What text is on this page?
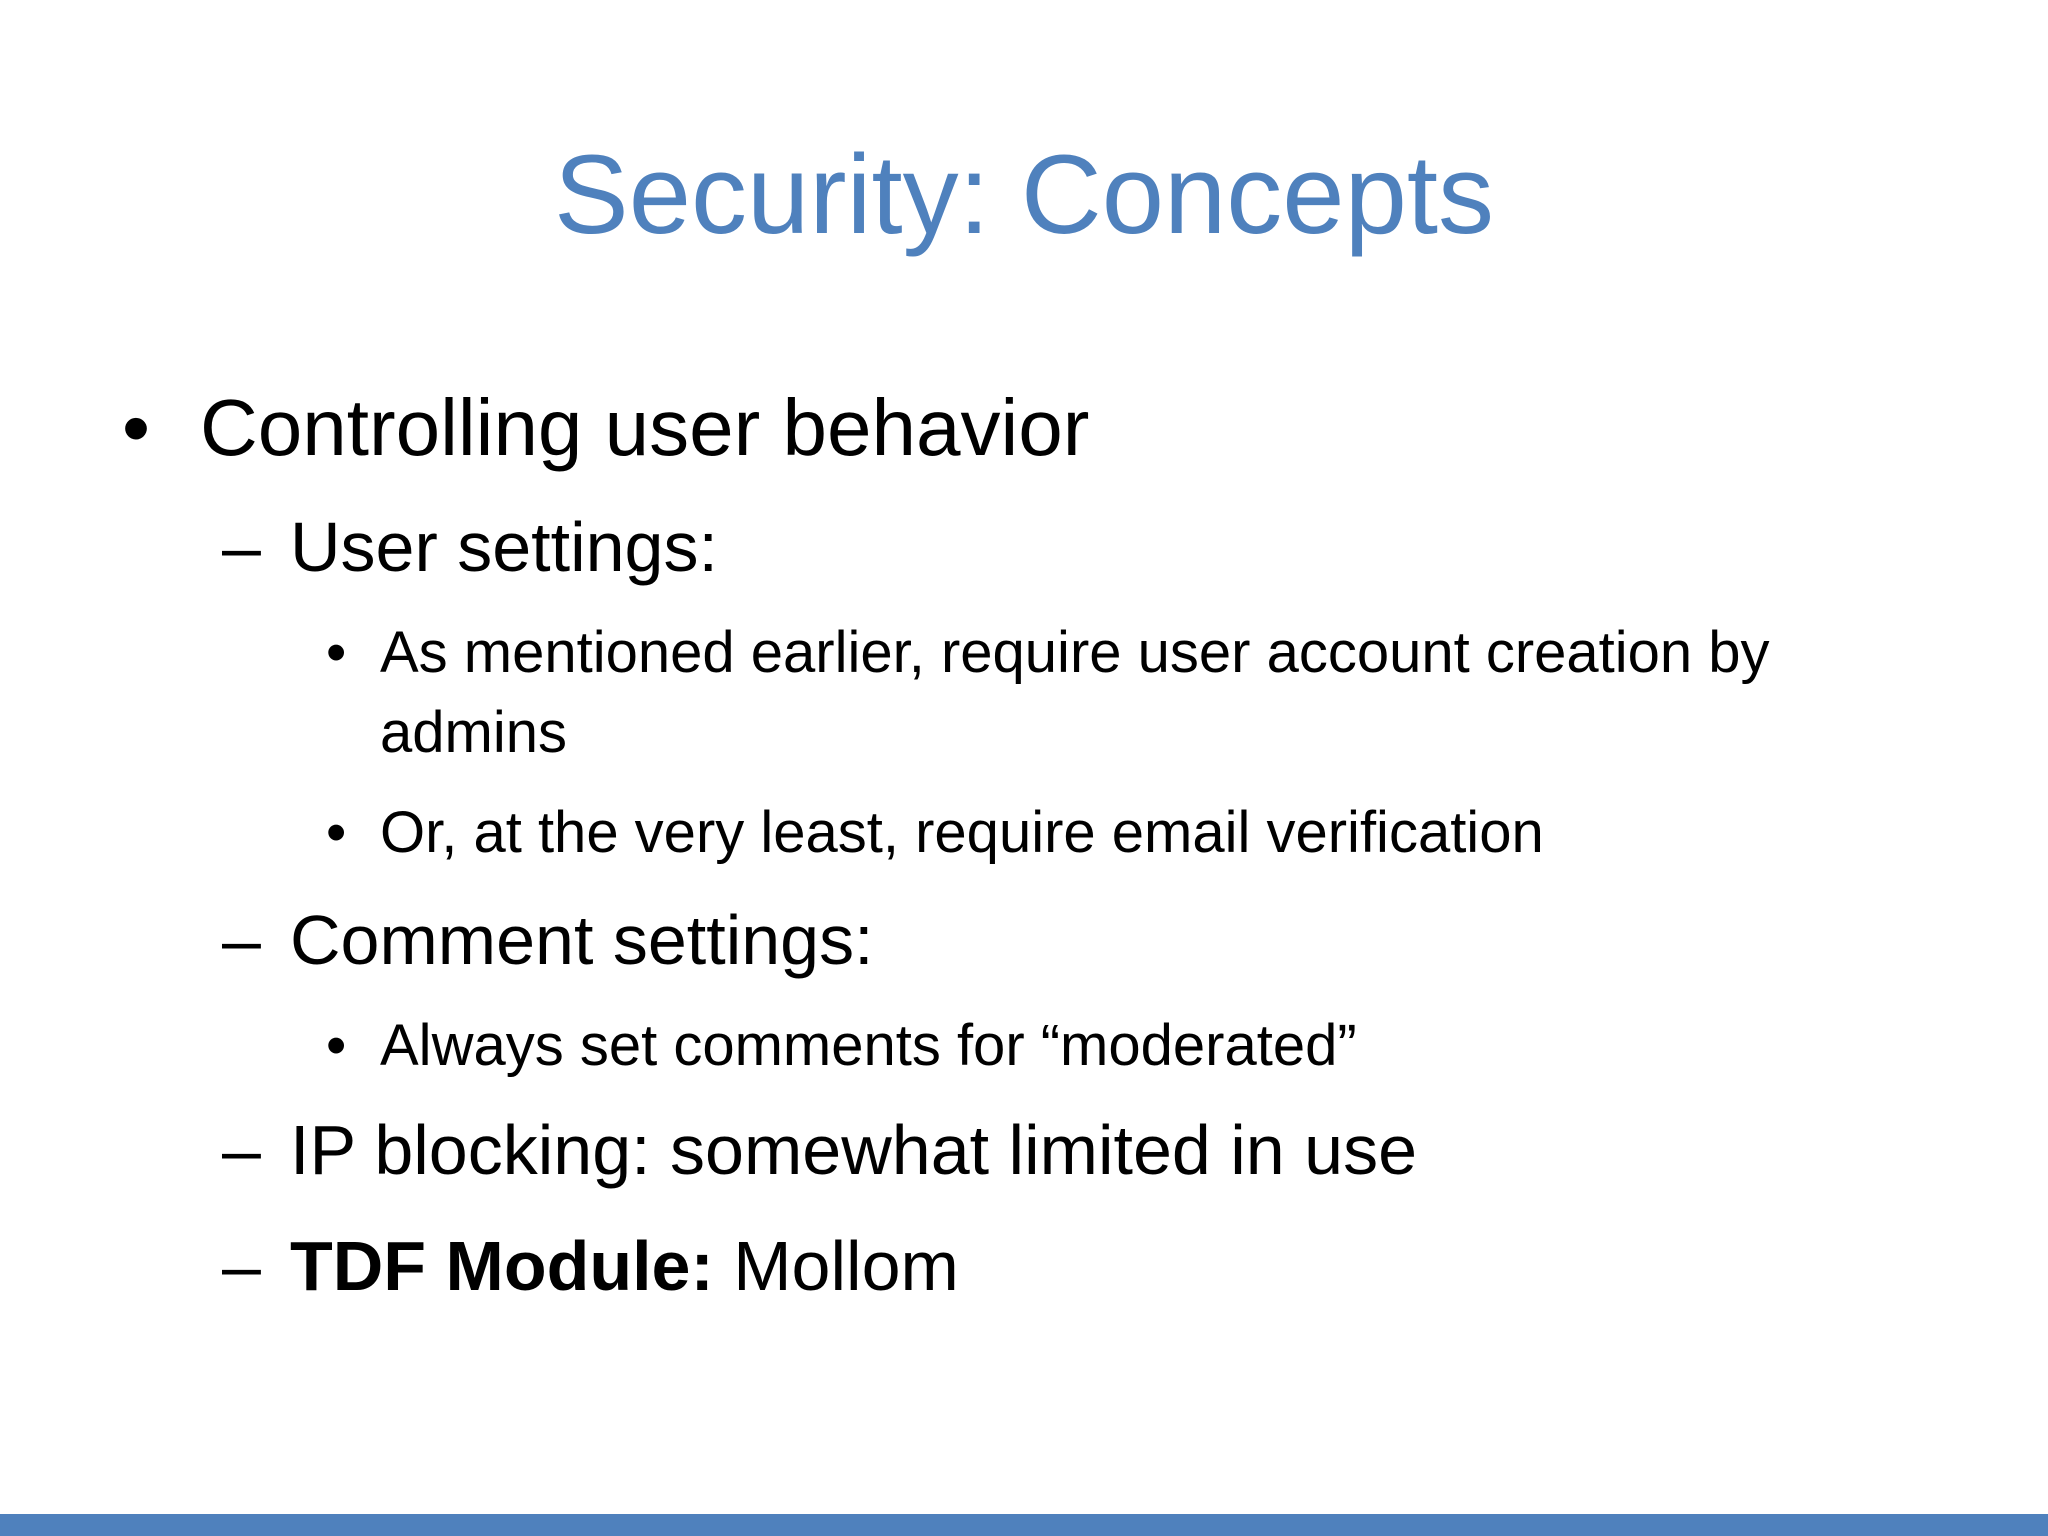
Security: Concepts
• Controlling user behavior
– User settings:
• As mentioned earlier, require user account creation by
admins
• Or, at the very least, require email verification
– Comment settings:
• Always set comments for “moderated”
– IP blocking: somewhat limited in use
– TDF Module: Mollom
